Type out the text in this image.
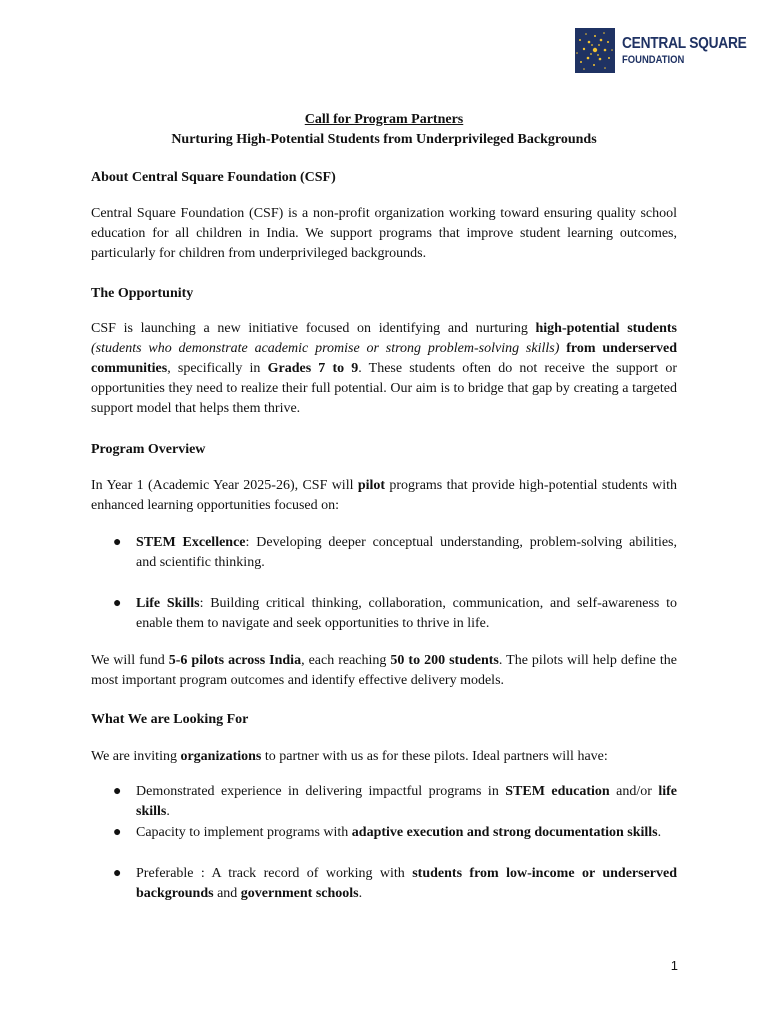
CENTRAL SQUARE
FOUNDATION
Call for Program Partners
Nurturing High-Potential Students from Underprivileged Backgrounds
About Central Square Foundation (CSF)
Central Square Foundation (CSF) is a non-profit organization working toward ensuring quality school education for all children in India. We support programs that improve student learning outcomes, particularly for children from underprivileged backgrounds.
The Opportunity
CSF is launching a new initiative focused on identifying and nurturing high-potential students (students who demonstrate academic promise or strong problem-solving skills) from underserved communities, specifically in Grades 7 to 9. These students often do not receive the support or opportunities they need to realize their full potential. Our aim is to bridge that gap by creating a targeted support model that helps them thrive.
Program Overview
In Year 1 (Academic Year 2025-26), CSF will pilot programs that provide high-potential students with enhanced learning opportunities focused on:
● STEM Excellence: Developing deeper conceptual understanding, problem-solving abilities, and scientific thinking.
● Life Skills: Building critical thinking, collaboration, communication, and self-awareness to enable them to navigate and seek opportunities to thrive in life.
We will fund 5-6 pilots across India, each reaching 50 to 200 students. The pilots will help define the most important program outcomes and identify effective delivery models.
What We are Looking For
We are inviting organizations to partner with us as for these pilots. Ideal partners will have:
● Demonstrated experience in delivering impactful programs in STEM education and/or life skills.
● Capacity to implement programs with adaptive execution and strong documentation skills.
● Preferable : A track record of working with students from low-income or underserved backgrounds and government schools.
1
